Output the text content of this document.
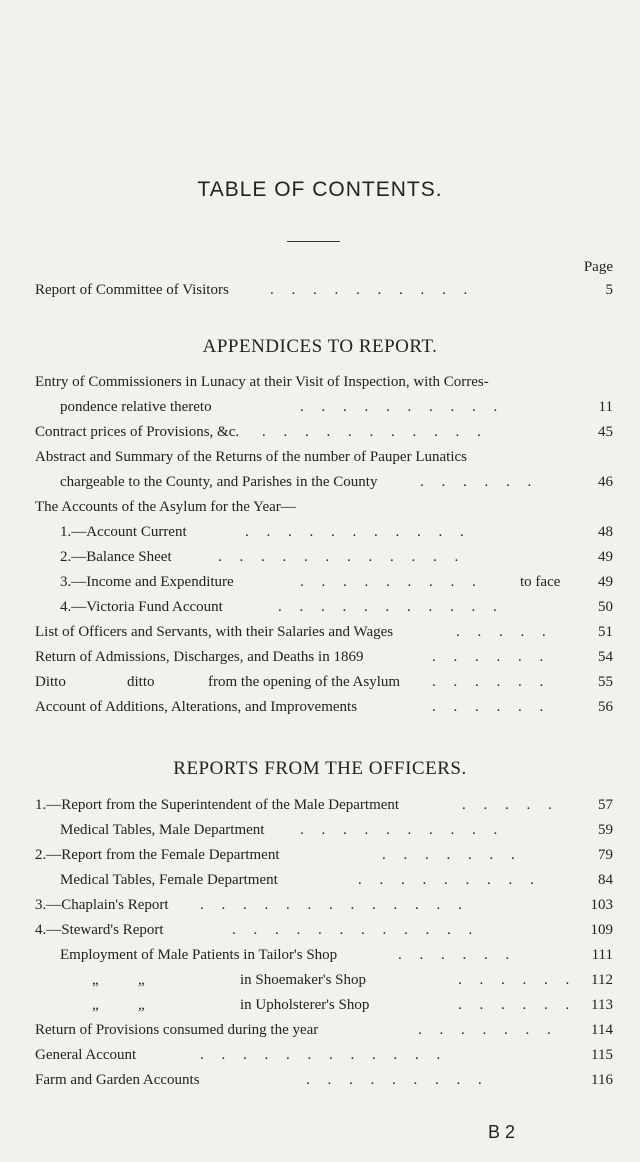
TABLE OF CONTENTS.
Page
Report of Committee of Visitors	. . . . . . . . . .	5
APPENDICES TO REPORT.
Entry of Commissioners in Lunacy at their Visit of Inspection, with Corres-
pondence relative thereto	. . . . . . . . . .	11
Contract prices of Provisions, &c. . . . . . . . . . . .	45
Abstract and Summary of the Returns of the number of Pauper Lunatics
chargeable to the County, and Parishes in the County	. . . . . .	46
The Accounts of the Asylum for the Year—
1.—Account Current	. . . . . . . . . . .	48
2.—Balance Sheet	. . . . . . . . . . . .	49
3.—Income and Expenditure	. . . . . . . . . to face	49
4.—Victoria Fund Account	. . . . . . . . . . .	50
List of Officers and Servants, with their Salaries and Wages	. . . . .	51
Return of Admissions, Discharges, and Deaths in 1869	. . . . . .	54
Ditto	ditto	from the opening of the Asylum . . . . . .	55
Account of Additions, Alterations, and Improvements	. . . . . .	56
REPORTS FROM THE OFFICERS.
1.—Report from the Superintendent of the Male Department	. . . . .	57
Medical Tables, Male Department . . . . . . . . . .	59
2.—Report from the Female Department	. . . . . . .	79
Medical Tables, Female Department	. . . . . . . . .	84
3.—Chaplain's Report . . . . . . . . . . . . .	103
4.—Steward's Report	. . . . . . . . . . . .	109
Employment of Male Patients in Tailor's Shop	. . . . . .	111
„	„	in Shoemaker's Shop	. . . . . . 112
„	„	in Upholsterer's Shop	. . . . . . 113
Return of Provisions consumed during the year	. . . . . . . 114
General Account	. . . . . . . . . . . .	115
Farm and Garden Accounts	. . . . . . . . .	116
B 2
